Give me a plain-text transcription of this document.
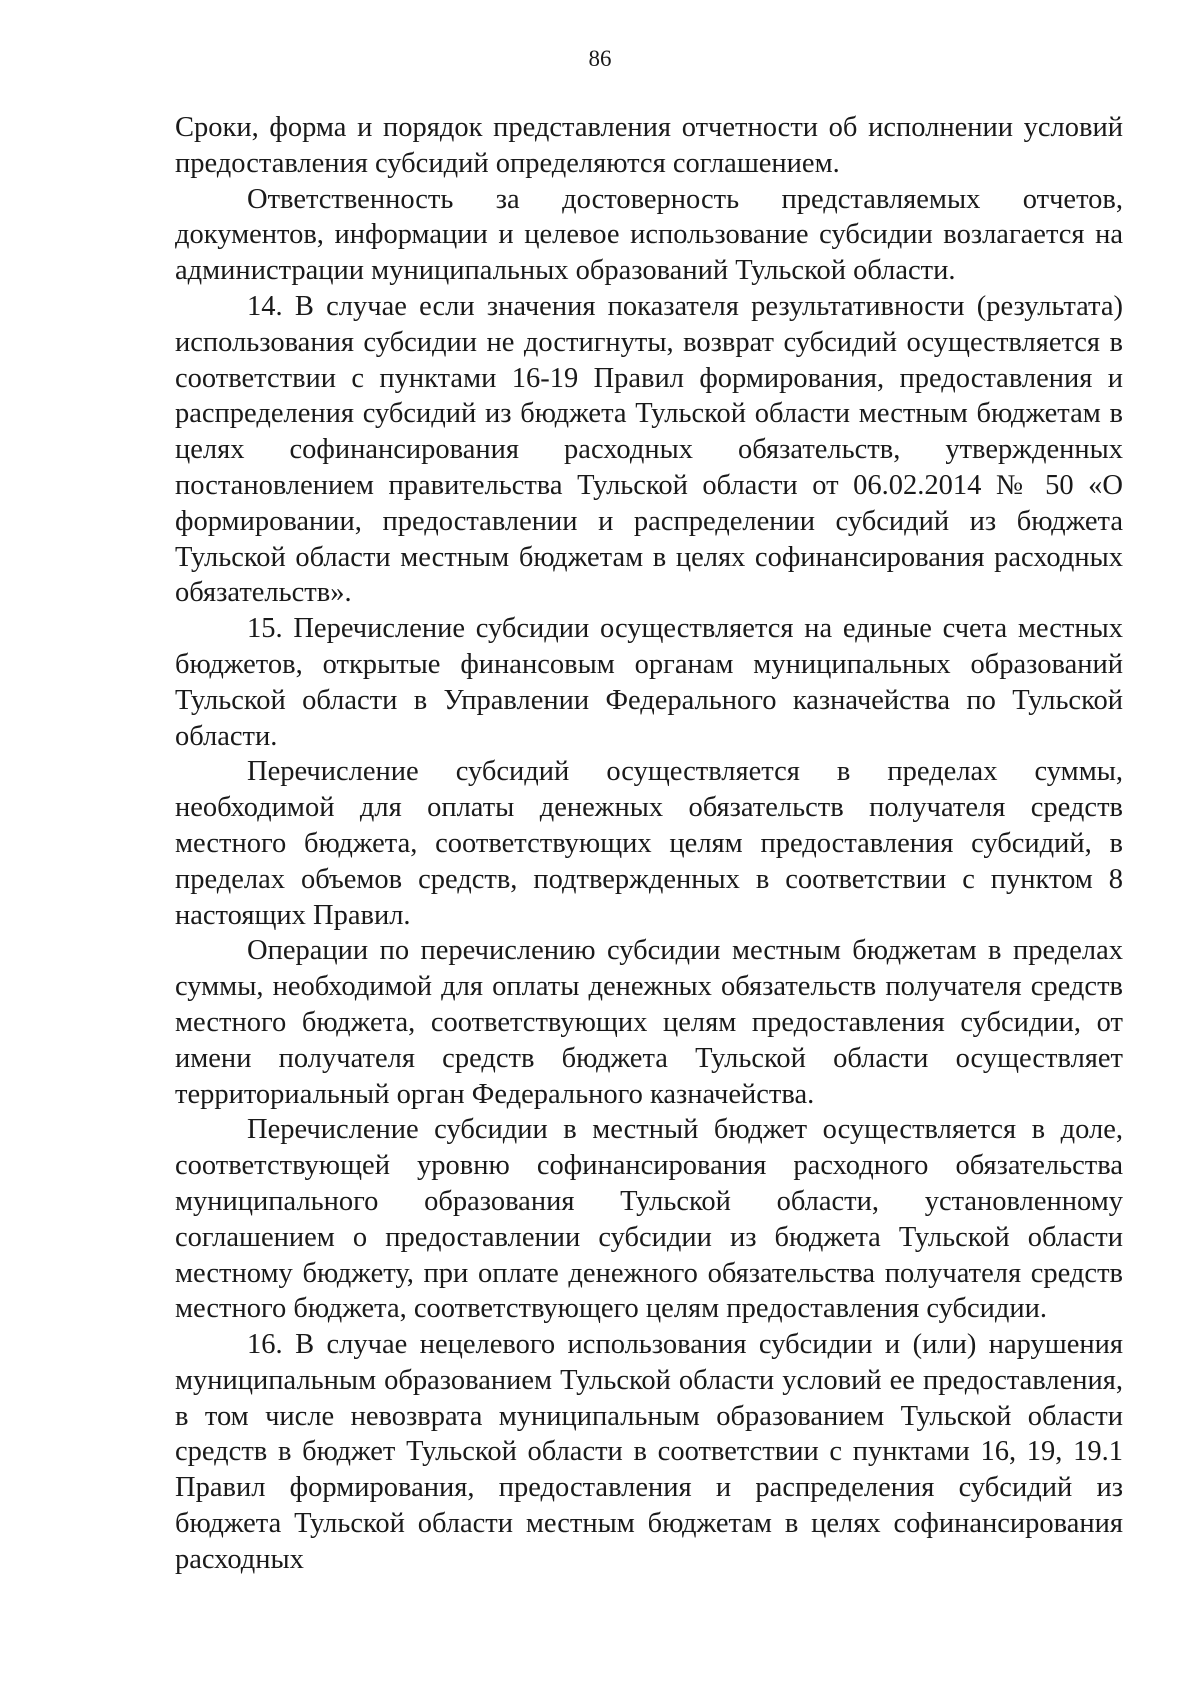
86

Сроки, форма и порядок представления отчетности об исполнении условий предоставления субсидий определяются соглашением.

Ответственность за достоверность представляемых отчетов, документов, информации и целевое использование субсидии возлагается на администрации муниципальных образований Тульской области.

14. В случае если значения показателя результативности (результата) использования субсидии не достигнуты, возврат субсидий осуществляется в соответствии с пунктами 16-19 Правил формирования, предоставления и распределения субсидий из бюджета Тульской области местным бюджетам в целях софинансирования расходных обязательств, утвержденных постановлением правительства Тульской области от 06.02.2014 № 50 «О формировании, предоставлении и распределении субсидий из бюджета Тульской области местным бюджетам в целях софинансирования расходных обязательств».

15. Перечисление субсидии осуществляется на единые счета местных бюджетов, открытые финансовым органам муниципальных образований Тульской области в Управлении Федерального казначейства по Тульской области.

Перечисление субсидий осуществляется в пределах суммы, необходимой для оплаты денежных обязательств получателя средств местного бюджета, соответствующих целям предоставления субсидий, в пределах объемов средств, подтвержденных в соответствии с пунктом 8 настоящих Правил.

Операции по перечислению субсидии местным бюджетам в пределах суммы, необходимой для оплаты денежных обязательств получателя средств местного бюджета, соответствующих целям предоставления субсидии, от имени получателя средств бюджета Тульской области осуществляет территориальный орган Федерального казначейства.

Перечисление субсидии в местный бюджет осуществляется в доле, соответствующей уровню софинансирования расходного обязательства муниципального образования Тульской области, установленному соглашением о предоставлении субсидии из бюджета Тульской области местному бюджету, при оплате денежного обязательства получателя средств местного бюджета, соответствующего целям предоставления субсидии.

16. В случае нецелевого использования субсидии и (или) нарушения муниципальным образованием Тульской области условий ее предоставления, в том числе невозврата муниципальным образованием Тульской области средств в бюджет Тульской области в соответствии с пунктами 16, 19, 19.1 Правил формирования, предоставления и распределения субсидий из бюджета Тульской области местным бюджетам в целях софинансирования расходных
